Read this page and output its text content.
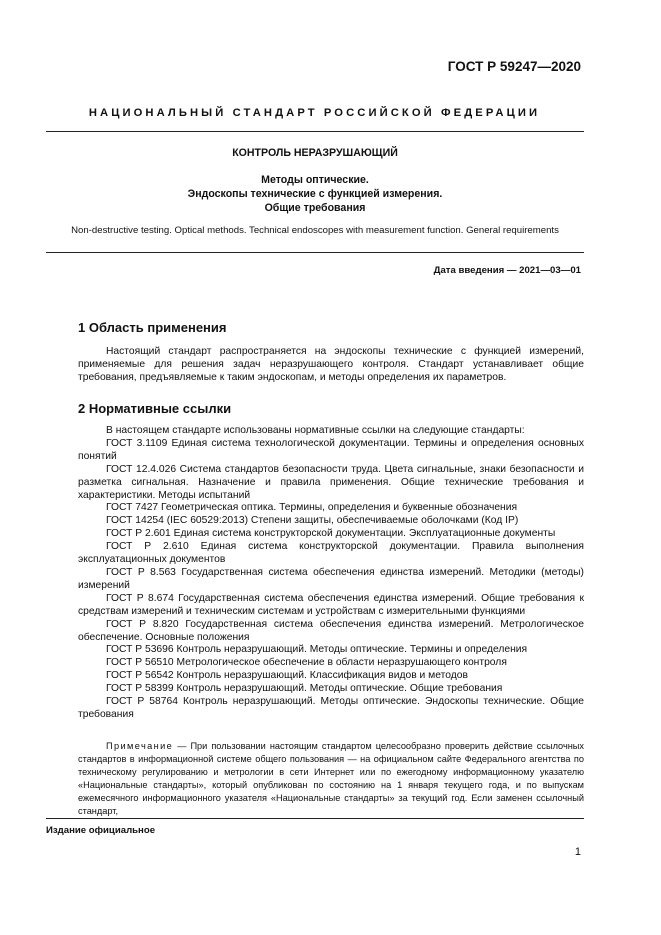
ГОСТ Р 59247—2020
НАЦИОНАЛЬНЫЙ СТАНДАРТ РОССИЙСКОЙ ФЕДЕРАЦИИ
КОНТРОЛЬ НЕРАЗРУШАЮЩИЙ
Методы оптические.
Эндоскопы технические с функцией измерения.
Общие требования
Non-destructive testing. Optical methods. Technical endoscopes with measurement function. General requirements
Дата введения — 2021—03—01
1 Область применения

Настоящий стандарт распространяется на эндоскопы технические с функцией измерений, применяемые для решения задач неразрушающего контроля. Стандарт устанавливает общие требования, предъявляемые к таким эндоскопам, и методы определения их параметров.

2 Нормативные ссылки

В настоящем стандарте использованы нормативные ссылки на следующие стандарты:

ГОСТ 3.1109 Единая система технологической документации. Термины и определения основных понятий

ГОСТ 12.4.026 Система стандартов безопасности труда. Цвета сигнальные, знаки безопасности и разметка сигнальная. Назначение и правила применения. Общие технические требования и характеристики. Методы испытаний

ГОСТ 7427 Геометрическая оптика. Термины, определения и буквенные обозначения

ГОСТ 14254 (IEC 60529:2013) Степени защиты, обеспечиваемые оболочками (Код IP)

ГОСТ Р 2.601 Единая система конструкторской документации. Эксплуатационные документы

ГОСТ Р 2.610 Единая система конструкторской документации. Правила выполнения эксплуатационных документов

ГОСТ Р 8.563 Государственная система обеспечения единства измерений. Методики (методы) измерений

ГОСТ Р 8.674 Государственная система обеспечения единства измерений. Общие требования к средствам измерений и техническим системам и устройствам с измерительными функциями

ГОСТ Р 8.820 Государственная система обеспечения единства измерений. Метрологическое обеспечение. Основные положения

ГОСТ Р 53696 Контроль неразрушающий. Методы оптические. Термины и определения

ГОСТ Р 56510 Метрологическое обеспечение в области неразрушающего контроля

ГОСТ Р 56542 Контроль неразрушающий. Классификация видов и методов

ГОСТ Р 58399 Контроль неразрушающий. Методы оптические. Общие требования

ГОСТ Р 58764 Контроль неразрушающий. Методы оптические. Эндоскопы технические. Общие требования

Примечание — При пользовании настоящим стандартом целесообразно проверить действие ссылочных стандартов в информационной системе общего пользования — на официальном сайте Федерального агентства по техническому регулированию и метрологии в сети Интернет или по ежегодному информационному указателю «Национальные стандарты», который опубликован по состоянию на 1 января текущего года, и по выпускам ежемесячного информационного указателя «Национальные стандарты» за текущий год. Если заменен ссылочный стандарт,

Издание официальное
1
